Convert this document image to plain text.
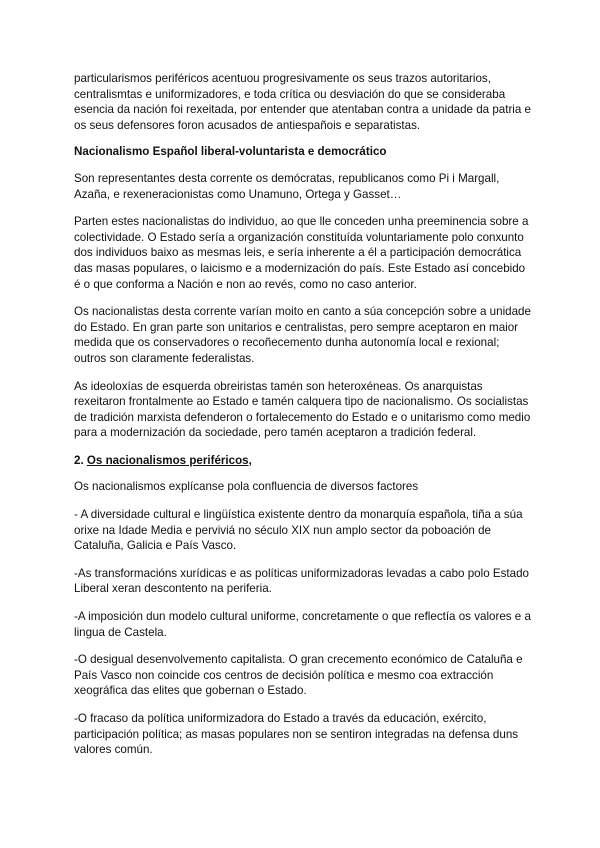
particularismos periféricos acentuou progresivamente os seus trazos autoritarios, centralismtas e uniformizadores, e toda crítica ou desviación do que se consideraba esencia da nación foi rexeitada, por entender que atentaban contra a unidade da patria e os seus defensores foron acusados de antiespañois e separatistas.

Nacionalismo Español liberal-voluntarista e democrático

Son representantes desta corrente os demócratas, republicanos como Pi i Margall, Azaña, e rexeneracionistas como Unamuno, Ortega y Gasset…

Parten estes nacionalistas do individuo, ao que lle conceden unha preeminencia sobre a colectividade. O Estado sería a organización constituída voluntariamente polo conxunto dos individuos baixo as mesmas leis, e sería inherente a él a participación democrática das masas populares, o laicismo e a modernización do país. Este Estado así concebido é o que conforma a Nación e non ao revés, como no caso anterior.

Os nacionalistas desta corrente varían moito en canto a súa concepción sobre a unidade do Estado. En gran parte son unitarios e centralistas, pero sempre aceptaron en maior medida que os conservadores o recoñecemento dunha autonomía local e rexional; outros son claramente federalistas.

As ideoloxías de esquerda obreiristas tamén son heteroxéneas. Os anarquistas rexeitaron frontalmente ao Estado e tamén calquera tipo de nacionalismo. Os socialistas de tradición marxista defenderon o fortalecemento do Estado e o unitarismo como medio para a modernización da sociedade, pero tamén aceptaron a tradición federal.

2. Os nacionalismos periféricos,

Os nacionalismos explícanse pola confluencia de diversos factores

- A diversidade cultural e lingüística existente dentro da monarquía española, tiña a súa orixe na Idade Media e perviviá no século XIX nun amplo sector da poboación de Cataluña, Galicia e País Vasco.

-As transformacións xurídicas e as políticas uniformizadoras levadas a cabo polo Estado Liberal xeran descontento na periferia.

-A imposición dun modelo cultural uniforme, concretamente o que reflectía os valores e a lingua de Castela.

-O desigual desenvolvemento capitalista. O gran crecemento económico de Cataluña e País Vasco non coincide cos centros de decisión política e mesmo coa extracción xeográfica das elites que gobernan o Estado.

-O fracaso da política uniformizadora do Estado a través da educación, exército, participación política; as masas populares non se sentiron integradas na defensa duns valores común.
